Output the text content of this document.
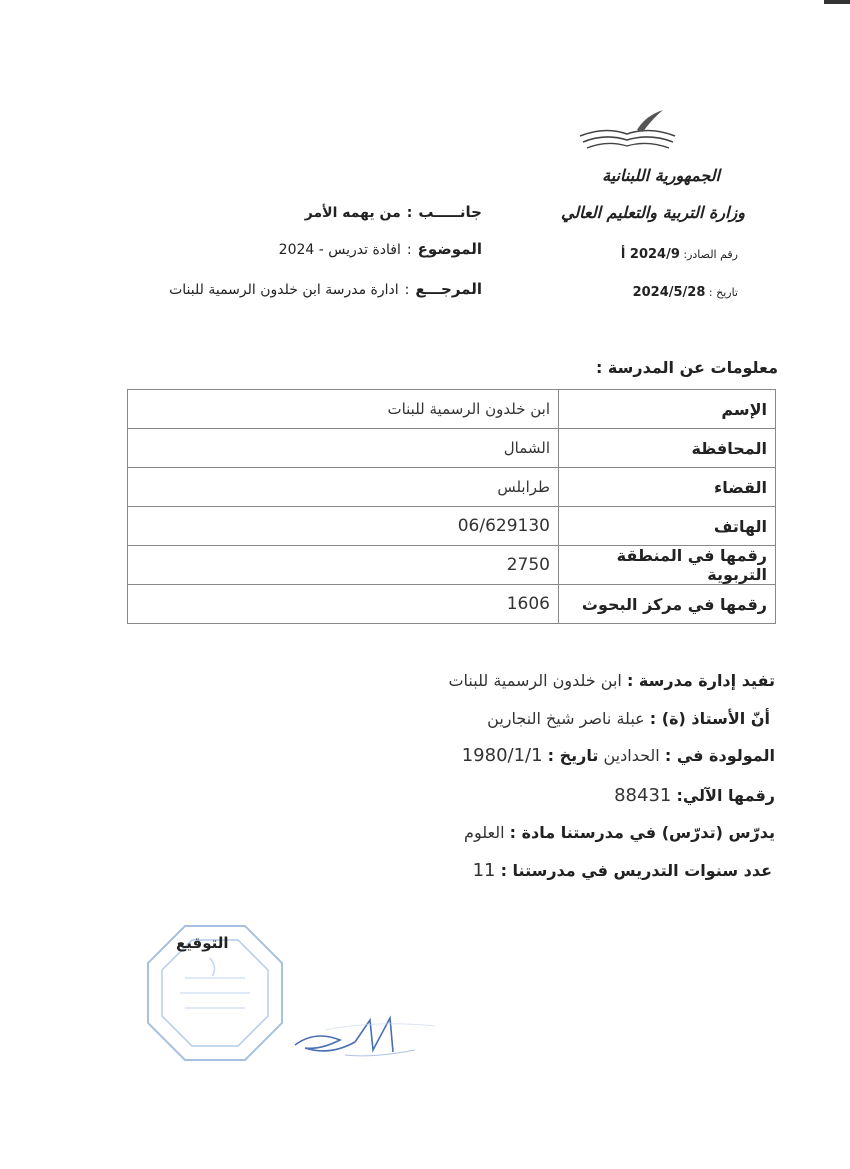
الجمهورية اللبنانية
وزارة التربية والتعليم العالي
رقم الصادر: 2024/9 أ
تاريخ : 2024/5/28
جانـــــب
:
من يهمه الأمر
الموضوع
:
افادة تدريس - 2024
المرجـــع
:
ادارة مدرسة ابن خلدون الرسمية للبنات
معلومات عن المدرسة :
الإسم	ابن خلدون الرسمية للبنات
المحافظة	الشمال
القضاء	طرابلس
الهاتف	06/629130
رقمها في المنطقة التربوية	2750
رقمها في مركز البحوث	1606
تفيد إدارة مدرسة : ابن خلدون الرسمية للبنات
أنّ الأستاذ (ة) : عبلة ناصر شيخ النجارين
المولودة في : الحدادين تاريخ : 1980/1/1
رقمها الآلي: 88431
يدرّس (تدرّس) في مدرستنا مادة : العلوم
عدد سنوات التدريس في مدرستنا : 11
التوقيع
